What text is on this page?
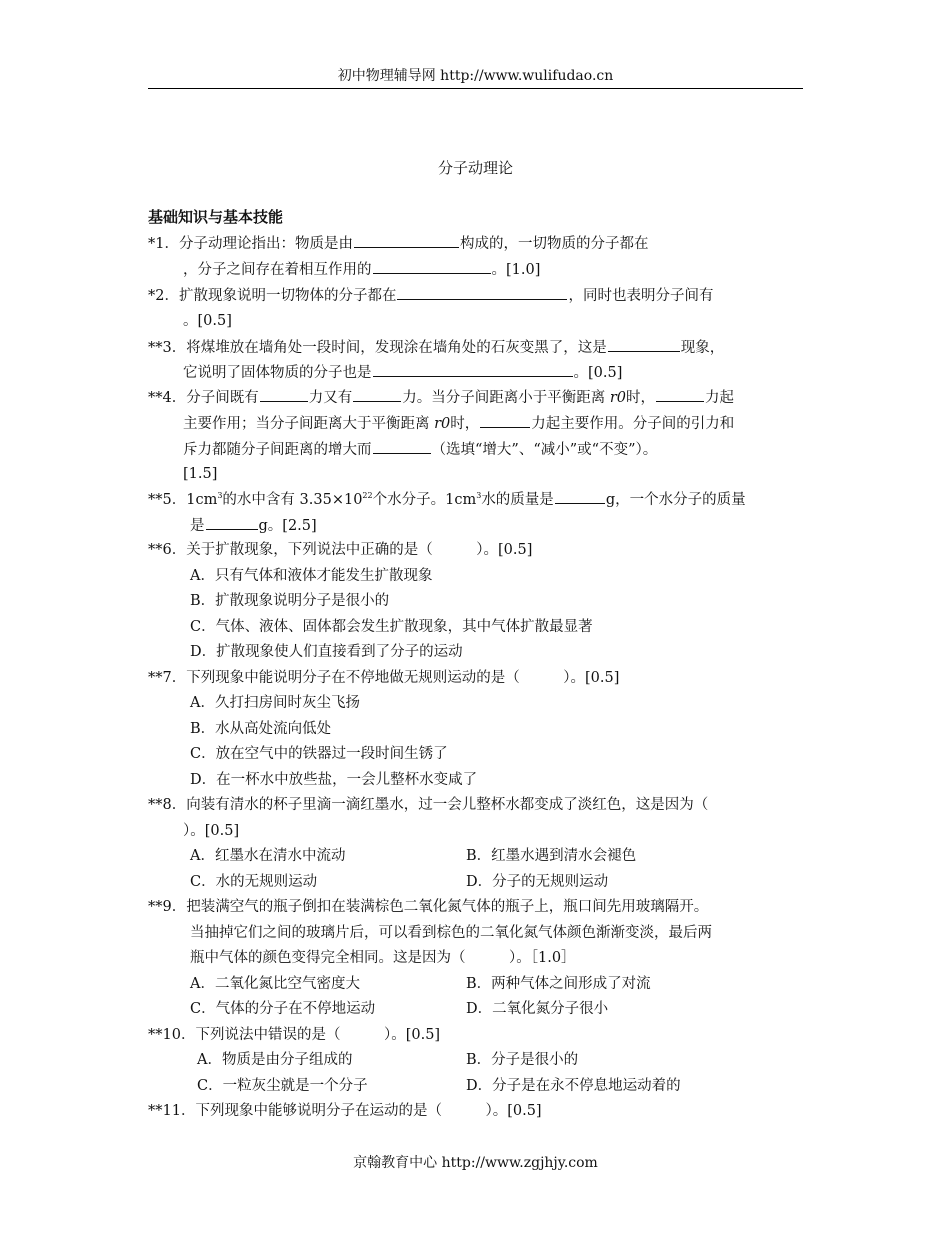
初中物理辅导网 http://www.wulifudao.cn
分子动理论
基础知识与基本技能
*1．分子动理论指出：物质是由	构成的，一切物质的分子都在
，分子之间存在着相互作用的	。[1.0]
*2．扩散现象说明一切物体的分子都在	，同时也表明分子间有
。[0.5]
**3．将煤堆放在墙角处一段时间，发现涂在墙角处的石灰变黑了，这是	现象，
它说明了固体物质的分子也是	。[0.5]
**4．分子间既有	力又有	力。当分子间距离小于平衡距离 r0时，	力起
主要作用；当分子间距离大于平衡距离 r0时，	力起主要作用。分子间的引力和
斥力都随分子间距离的增大而	（选填“增大”、“减小”或“不变”）。
[1.5]
**5．$1cm^3$的水中含有 $3.35\times 10^{22}$个水分子。$1cm^3$水的质量是	g，一个水分子的质量
是	g。[2.5]
**6．关于扩散现象，下列说法中正确的是（　　　）。[0.5]
A．只有气体和液体才能发生扩散现象
B．扩散现象说明分子是很小的
C．气体、液体、固体都会发生扩散现象，其中气体扩散最显著
D．扩散现象使人们直接看到了分子的运动
**7．下列现象中能说明分子在不停地做无规则运动的是（　　　）。[0.5]
A．久打扫房间时灰尘飞扬
B．水从高处流向低处
C．放在空气中的铁器过一段时间生锈了
D．在一杯水中放些盐，一会儿整杯水变咸了
**8．向装有清水的杯子里滴一滴红墨水，过一会儿整杯水都变成了淡红色，这是因为（
）。[0.5]
A．红墨水在清水中流动	B．红墨水遇到清水会褪色
C．水的无规则运动	D．分子的无规则运动
**9．把装满空气的瓶子倒扣在装满棕色二氧化氮气体的瓶子上，瓶口间先用玻璃隔开。
当抽掉它们之间的玻璃片后，可以看到棕色的二氧化氮气体颜色渐渐变淡，最后两
瓶中气体的颜色变得完全相同。这是因为（　　　）。［1.0］
A．二氧化氮比空气密度大	B．两种气体之间形成了对流
C．气体的分子在不停地运动	D．二氧化氮分子很小
**10．下列说法中错误的是（　　　）。[0.5]
A．物质是由分子组成的	B．分子是很小的
C．一粒灰尘就是一个分子	D．分子是在永不停息地运动着的
**11．下列现象中能够说明分子在运动的是（　　　）。[0.5]
京翰教育中心 http://www.zgjhjy.com
